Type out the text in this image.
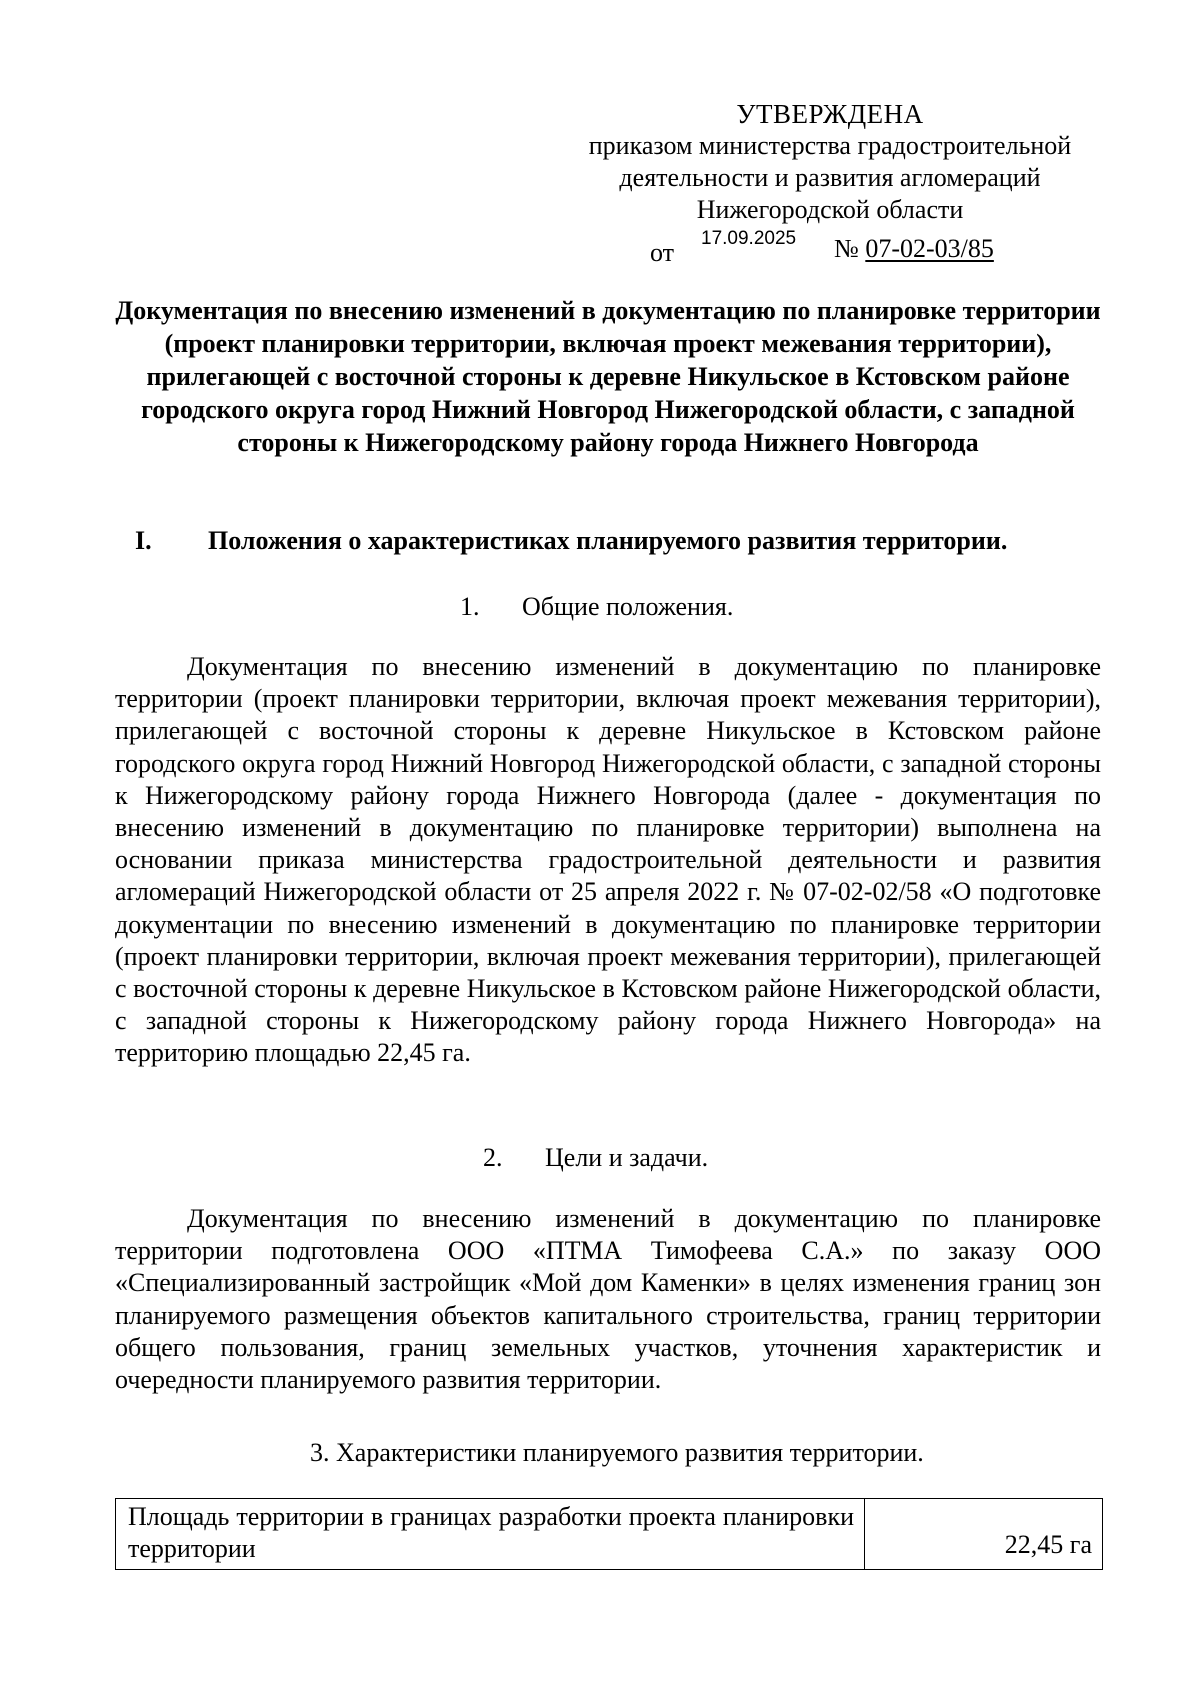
УТВЕРЖДЕНА
приказом министерства градостроительной
деятельности и развития агломераций
Нижегородской области
от 17.09.2025 № 07-02-03/85
Документация по внесению изменений в документацию по планировке территории (проект планировки территории, включая проект межевания территории), прилегающей с восточной стороны к деревне Никульское в Кстовском районе городского округа город Нижний Новгород Нижегородской области, с западной стороны к Нижегородскому району города Нижнего Новгорода
I. Положения о характеристиках планируемого развития территории.
1. Общие положения.
Документация по внесению изменений в документацию по планировке территории (проект планировки территории, включая проект межевания территории), прилегающей с восточной стороны к деревне Никульское в Кстовском районе городского округа город Нижний Новгород Нижегородской области, с западной стороны к Нижегородскому району города Нижнего Новгорода (далее - документация по внесению изменений в документацию по планировке территории) выполнена на основании приказа министерства градостроительной деятельности и развития агломераций Нижегородской области от 25 апреля 2022 г. № 07-02-02/58 «О подготовке документации по внесению изменений в документацию по планировке территории (проект планировки территории, включая проект межевания территории), прилегающей с восточной стороны к деревне Никульское в Кстовском районе Нижегородской области, с западной стороны к Нижегородскому району города Нижнего Новгорода» на территорию площадью 22,45 га.
2. Цели и задачи.
Документация по внесению изменений в документацию по планировке территории подготовлена ООО «ПТМА Тимофеева С.А.» по заказу ООО «Специализированный застройщик «Мой дом Каменки» в целях изменения границ зон планируемого размещения объектов капитального строительства, границ территории общего пользования, границ земельных участков, уточнения характеристик и очередности планируемого развития территории.
3. Характеристики планируемого развития территории.
Площадь территории в границах разработки проекта планировки территории	22,45 га
